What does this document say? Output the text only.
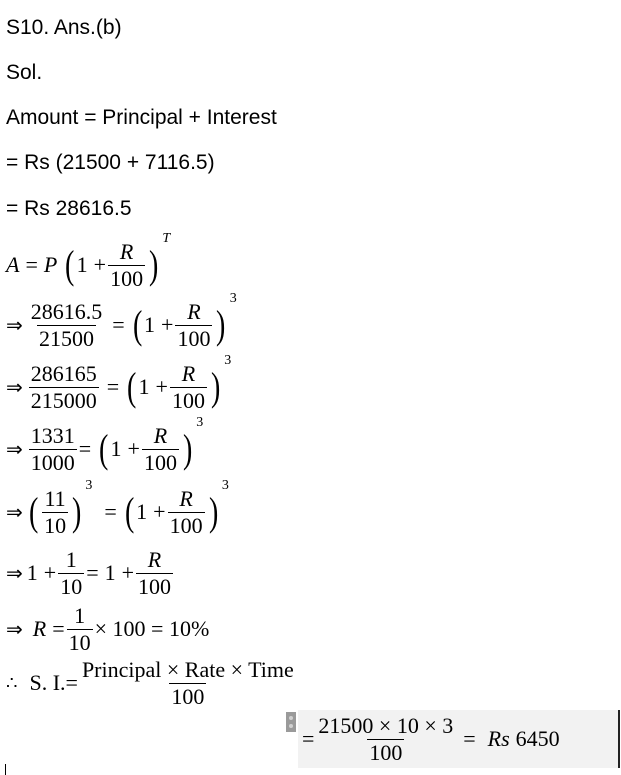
S10. Ans.(b)
Sol.
Amount = Principal + Interest
= Rs (21500 + 7116.5)
= Rs 28616.5
A = P ( $1 + \frac{R}{100}$ )
T
⇒ $\frac{28616.5}{21500}$ = ( $1 + \frac{R}{100}$ )
3
⇒ $\frac{286165}{215000}$ = ( $1 + \frac{R}{100}$ )
3
⇒ $\frac{1331}{1000}$ = ( $1 + \frac{R}{100}$ )
3
⇒ ( $\frac{11}{10}$ )
3
= ( $1 + \frac{R}{100}$ )
3
⇒ $1 + \frac{1}{10} = 1 + \frac{R}{100}$
⇒ $R = \frac{1}{10} \times 100 = 10\%$
∴ S. I. = $\frac{\text{Principal × Rate × Time}}{100}$
= $\frac{21500 \times 10 \times 3}{100} = Rs$ 6450
